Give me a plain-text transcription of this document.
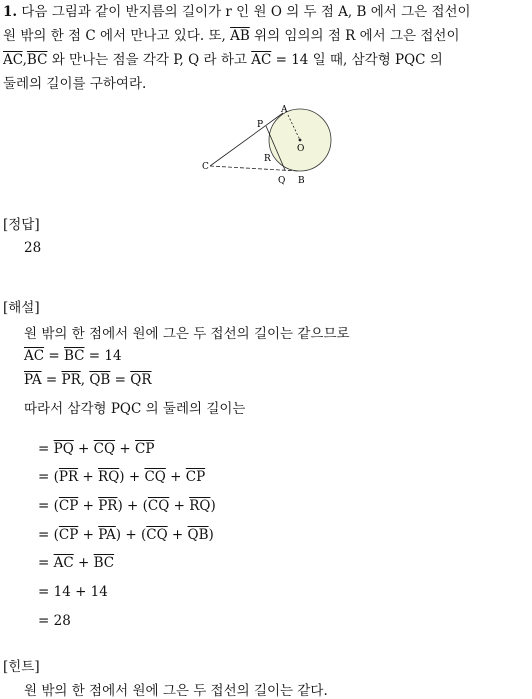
1. 다음 그림과 같이 반지름의 길이가 r 인 원 O 의 두 점 A, B 에서 그은 접선이

원 밖의 한 점 C 에서 만나고 있다. 또, $\overline{AB}$ 위의 임의의 점 R 에서 그은 접선이

$\overline{AC},\overline{BC}$ 와 만나는 점을 각각 P, Q 라 하고 $\overline{AC} = 14$ 일 때, 삼각형 PQC 의

둘레의 길이를 구하여라.

A
B
C
O
P
Q
R
[정답]
28
[해설]
원 밖의 한 점에서 원에 그은 두 접선의 길이는 같으므로
$\overline{AC} = \overline{BC} = 14$
$\overline{PA} = \overline{PR}$, $\overline{QB} = \overline{QR}$
따라서 삼각형 PQC 의 둘레의 길이는
= $\overline{PQ} + \overline{CQ} + \overline{CP}$
= $(\overline{PR} + \overline{RQ}) + \overline{CQ} + \overline{CP}$
= $(\overline{CP} + \overline{PR}) + (\overline{CQ} + \overline{RQ})$
= $(\overline{CP} + \overline{PA}) + (\overline{CQ} + \overline{QB})$
= $\overline{AC} + \overline{BC}$
= 14 + 14
= 28
[힌트]
원 밖의 한 점에서 원에 그은 두 접선의 길이는 같다.
